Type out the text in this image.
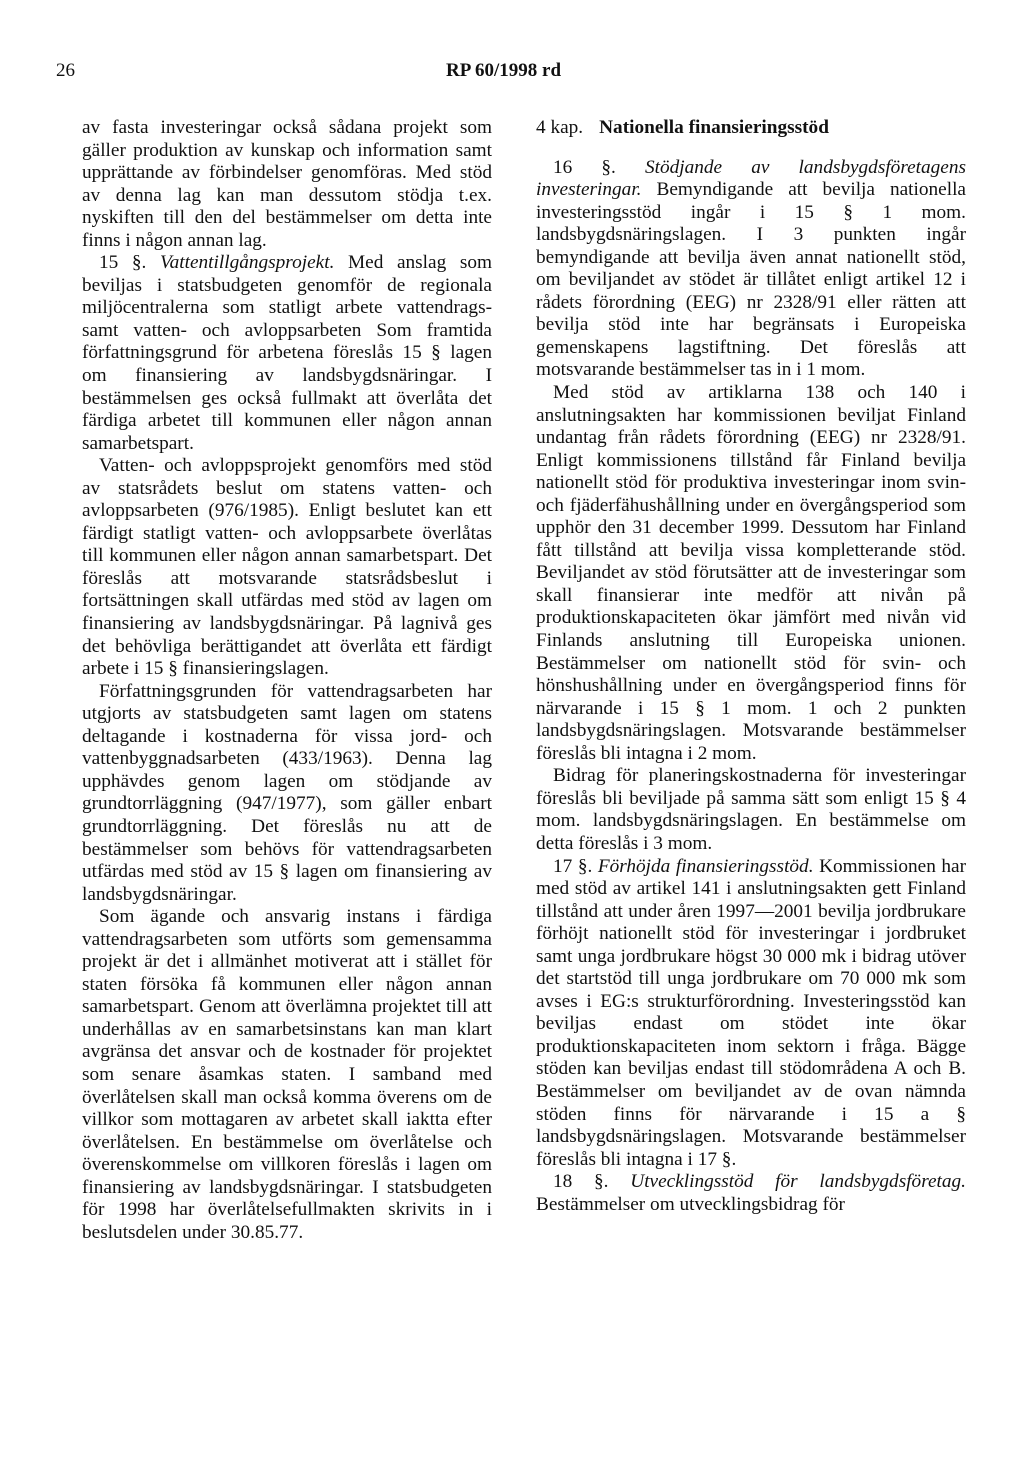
26	RP 60/1998 rd

av fasta investeringar också sådana projekt som gäller produktion av kunskap och information samt upprättande av förbindelser genomföras. Med stöd av denna lag kan man dessutom stödja t.ex. nyskiften till den del bestämmelser om detta inte finns i någon annan lag.

15 §. Vattentillgångsprojekt. Med anslag som beviljas i statsbudgeten genomför de regionala miljöcentralerna som statligt arbete vattendrags- samt vatten- och avloppsarbeten Som framtida författningsgrund för arbetena föreslås 15 § lagen om finansiering av landsbygdsnäringar. I bestämmelsen ges också fullmakt att överlåta det färdiga arbetet till kommunen eller någon annan samarbetspart.

Vatten- och avloppsprojekt genomförs med stöd av statsrådets beslut om statens vatten- och avloppsarbeten (976/1985). Enligt beslutet kan ett färdigt statligt vatten- och avloppsarbete överlåtas till kommunen eller någon annan samarbetspart. Det föreslås att motsvarande statsrådsbeslut i fortsättningen skall utfärdas med stöd av lagen om finansiering av landsbygdsnäringar. På lagnivå ges det behövliga berättigandet att överlåta ett färdigt arbete i 15 § finansieringslagen.

Författningsgrunden för vattendragsarbeten har utgjorts av statsbudgeten samt lagen om statens deltagande i kostnaderna för vissa jord- och vattenbyggnadsarbeten (433/1963). Denna lag upphävdes genom lagen om stödjande av grundtorrläggning (947/1977), som gäller enbart grundtorrläggning. Det föreslås nu att de bestämmelser som behövs för vattendragsarbeten utfärdas med stöd av 15 § lagen om finansiering av landsbygdsnäringar.

Som ägande och ansvarig instans i färdiga vattendragsarbeten som utförts som gemensamma projekt är det i allmänhet motiverat att i stället för staten försöka få kommunen eller någon annan samarbetspart. Genom att överlämna projektet till att underhållas av en samarbetsinstans kan man klart avgränsa det ansvar och de kostnader för projektet som senare åsamkas staten. I samband med överlåtelsen skall man också komma överens om de villkor som mottagaren av arbetet skall iaktta efter överlåtelsen. En bestämmelse om överlåtelse och överenskommelse om villkoren föreslås i lagen om finansiering av landsbygdsnäringar. I statsbudgeten för 1998 har överlåtelsefullmakten skrivits in i beslutsdelen under 30.85.77.

4 kap. Nationella finansieringsstöd

16 §. Stödjande av landsbygdsföretagens investeringar. Bemyndigande att bevilja nationella investeringsstöd ingår i 15 § 1 mom. landsbygdsnäringslagen. I 3 punkten ingår bemyndigande att bevilja även annat nationellt stöd, om beviljandet av stödet är tillåtet enligt artikel 12 i rådets förordning (EEG) nr 2328/91 eller rätten att bevilja stöd inte har begränsats i Europeiska gemenskapens lagstiftning. Det föreslås att motsvarande bestämmelser tas in i 1 mom.

Med stöd av artiklarna 138 och 140 i anslutningsakten har kommissionen beviljat Finland undantag från rådets förordning (EEG) nr 2328/91. Enligt kommissionens tillstånd får Finland bevilja nationellt stöd för produktiva investeringar inom svin- och fjäderfähushållning under en övergångsperiod som upphör den 31 december 1999. Dessutom har Finland fått tillstånd att bevilja vissa kompletterande stöd. Beviljandet av stöd förutsätter att de investeringar som skall finansierar inte medför att nivån på produktionskapaciteten ökar jämfört med nivån vid Finlands anslutning till Europeiska unionen. Bestämmelser om nationellt stöd för svin- och hönshushållning under en övergångsperiod finns för närvarande i 15 § 1 mom. 1 och 2 punkten landsbygdsnäringslagen. Motsvarande bestämmelser föreslås bli intagna i 2 mom.

Bidrag för planeringskostnaderna för investeringar föreslås bli beviljade på samma sätt som enligt 15 § 4 mom. landsbygdsnäringslagen. En bestämmelse om detta föreslås i 3 mom.

17 §. Förhöjda finansieringsstöd. Kommissionen har med stöd av artikel 141 i anslutningsakten gett Finland tillstånd att under åren 1997—2001 bevilja jordbrukare förhöjt nationellt stöd för investeringar i jordbruket samt unga jordbrukare högst 30 000 mk i bidrag utöver det startstöd till unga jordbrukare om 70 000 mk som avses i EG:s strukturförordning. Investeringsstöd kan beviljas endast om stödet inte ökar produktionskapaciteten inom sektorn i fråga. Bägge stöden kan beviljas endast till stödområdena A och B. Bestämmelser om beviljandet av de ovan nämnda stöden finns för närvarande i 15 a § landsbygdsnäringslagen. Motsvarande bestämmelser föreslås bli intagna i 17 §.

18 §. Utvecklingsstöd för landsbygdsföretag. Bestämmelser om utvecklingsbidrag för
